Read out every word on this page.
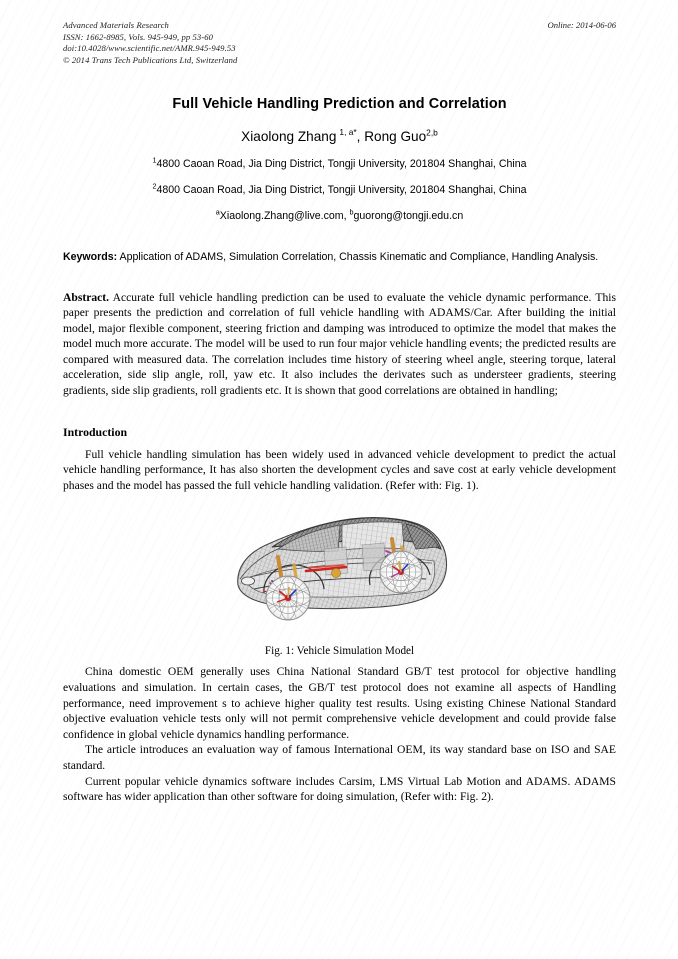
Advanced Materials Research
ISSN: 1662-8985, Vols. 945-949, pp 53-60
doi:10.4028/www.scientific.net/AMR.945-949.53
© 2014 Trans Tech Publications Ltd, Switzerland
Online: 2014-06-06
Full Vehicle Handling Prediction and Correlation
Xiaolong Zhang $^{1, a*}$, Rong Guo$^{2,b}$
$^1$4800 Caoan Road, Jia Ding District, Tongji University, 201804 Shanghai, China
$^2$4800 Caoan Road, Jia Ding District, Tongji University, 201804 Shanghai, China
$^a$Xiaolong.Zhang@live.com, $^b$guorong@tongji.edu.cn
Keywords: Application of ADAMS, Simulation Correlation, Chassis Kinematic and Compliance, Handling Analysis.
Abstract. Accurate full vehicle handling prediction can be used to evaluate the vehicle dynamic performance. This paper presents the prediction and correlation of full vehicle handling with ADAMS/Car. After building the initial model, major flexible component, steering friction and damping was introduced to optimize the model that makes the model much more accurate. The model will be used to run four major vehicle handling events; the predicted results are compared with measured data. The correlation includes time history of steering wheel angle, steering torque, lateral acceleration, side slip angle, roll, yaw etc. It also includes the derivates such as understeer gradients, steering gradients, side slip gradients, roll gradients etc. It is shown that good correlations are obtained in handling;
Introduction
Full vehicle handling simulation has been widely used in advanced vehicle development to predict the actual vehicle handling performance, It has also shorten the development cycles and save cost at early vehicle development phases and the model has passed the full vehicle handling validation. (Refer with: Fig. 1).
Fig. 1: Vehicle Simulation Model
China domestic OEM generally uses China National Standard GB/T test protocol for objective handling evaluations and simulation. In certain cases, the GB/T test protocol does not examine all aspects of Handling performance, need improvement s to achieve higher quality test results. Using existing Chinese National Standard objective evaluation vehicle tests only will not permit comprehensive vehicle development and could provide false confidence in global vehicle dynamics handling performance.
The article introduces an evaluation way of famous International OEM, its way standard base on ISO and SAE standard.
Current popular vehicle dynamics software includes Carsim, LMS Virtual Lab Motion and ADAMS. ADAMS software has wider application than other software for doing simulation, (Refer with: Fig. 2).
